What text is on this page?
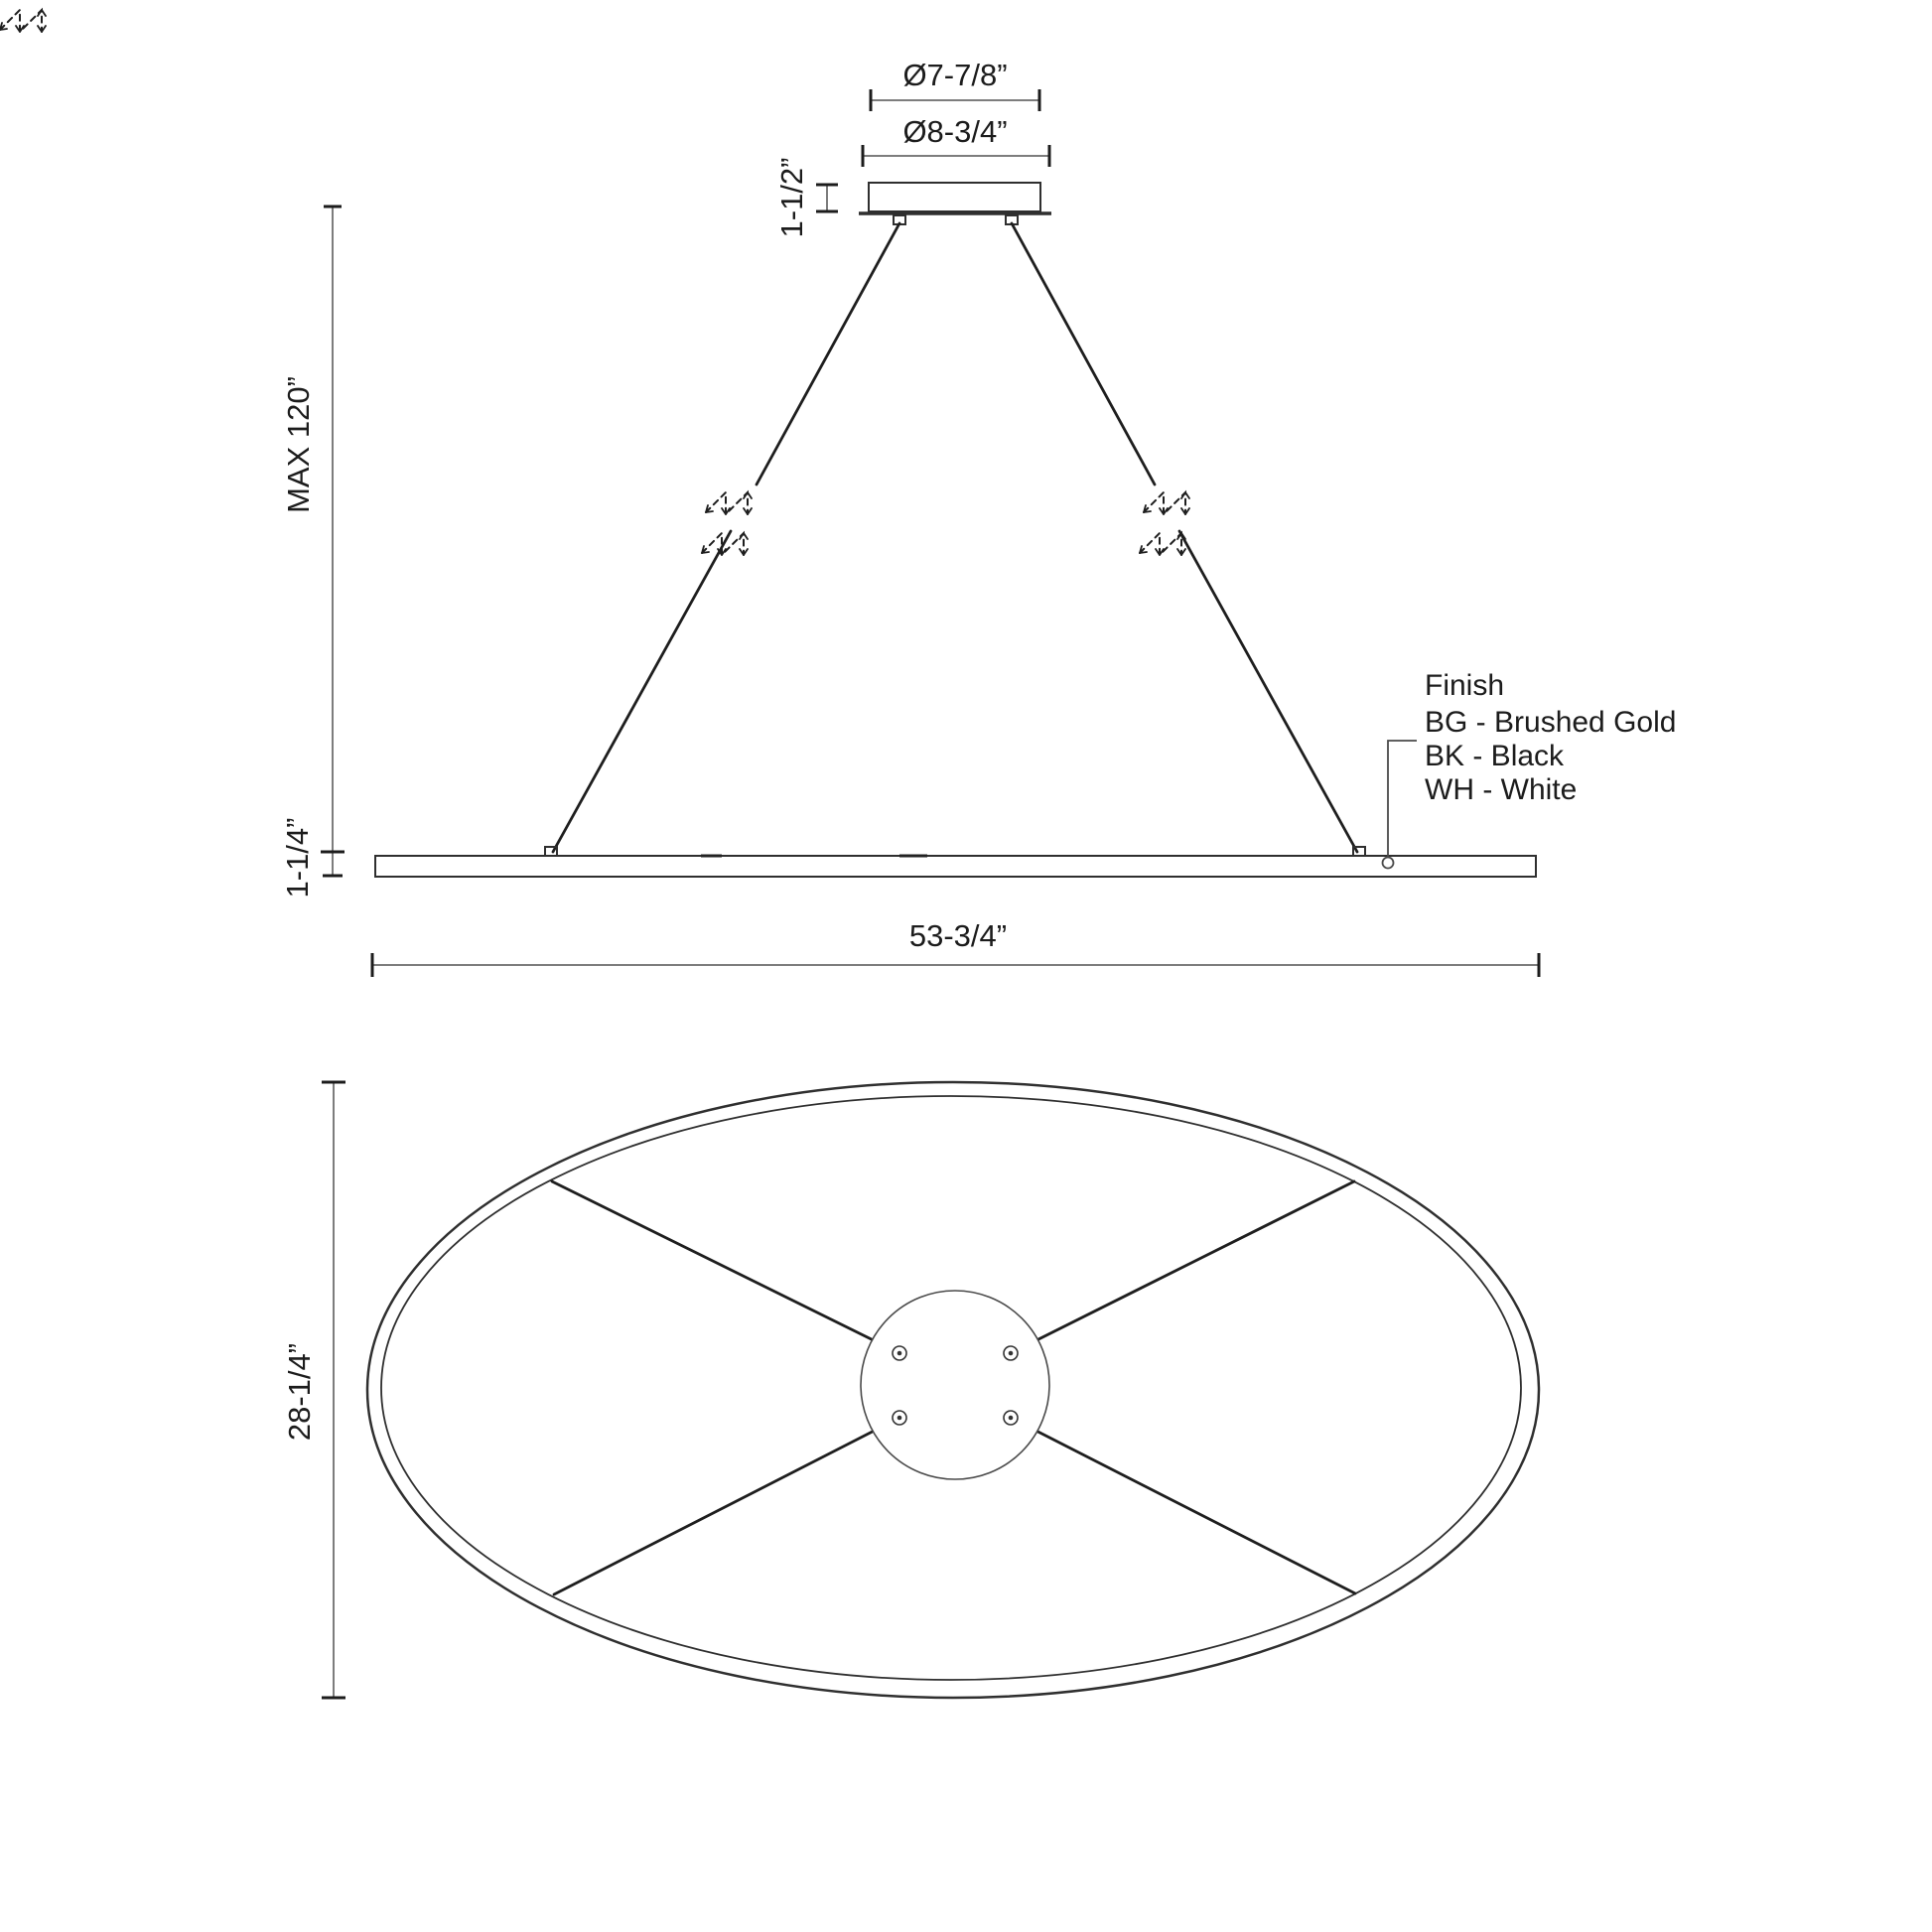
Ø7-7/8”
Ø8-3/4”
1-1/2”
MAX 120”
1-1/4”
Finish
BG - Brushed Gold
BK - Black
WH - White
53-3/4”
28-1/4”
